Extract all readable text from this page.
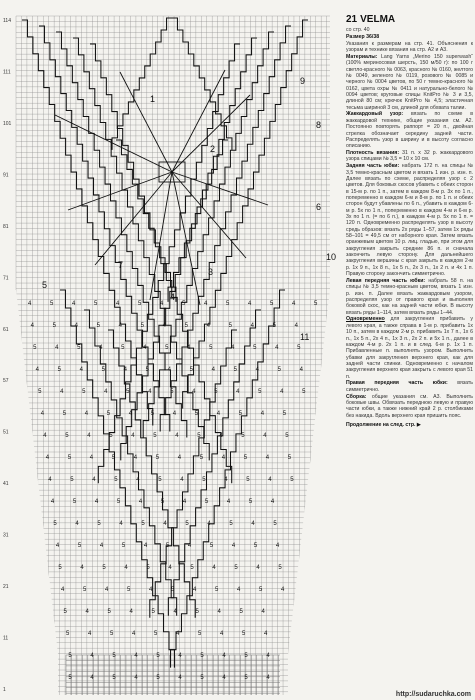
1
2
3
4
5
6
7
8
9
10
11
4	5	4	5	4	5	4	5	4	5	4	5	4	5
4	5	4	5	4	5	4	5	4	5	4	5	4
5	4	5	4	5	4	5	4	5	4	5	4	5
4	5	4	5	4	5	4	5	4	5	4	5	4
5	4	5	4	5	4	5	4	5	4	5	4	5
4	5	4	5	4	5	4	5	4	5	4	5
4	5	4	5	4	5	4	5	4	5	4	5
4	5	4	5	4	5	4	5	4	5	4	5
4	5	4	5	4	5	4	5	4	5	4	5
4	5	4	5	4	5	4	5	4	5	4
5	4	5	4	5	4	5	4	5	4	5
4	5	4	5	4	5	4	5	4	5	4
5	4	5	4	5	4	5	4	5	4	5
4	5	4	5	4	5	4	5	4	5	4
5	4	5	4	5	4	5	4	5	4
5	4	5	4	5	4	5	4	5	4
5	4	5	4	5	4	5	4	5	4
5	4	5	4	5	4	5	4	5	4
1
11
21
31
41
51
57
61
71
81
91
101
111
114	21 VELMA
со стр. 40
Размер 36/38
Указания к размерам на стр. 41. Объяснения к узорам и технике вязания на стр. А2 и А3.
Материалы: Lang Yarns „Merino 150 superwash“ (100% мериносовая шерсть, 150 м/50 г): по 100 г светло-красного № 0063, красного № 0160, желтого № 0049, зеленого № 0119, розового № 0085 и черного № 0004 цветов, по 50 г темно-красного № 0162, цвета охры № 0411 и натурально-белого № 0094 цветов; круговые спицы KnitPro № 3 и 3,5, длиной 80 см; крючок KnitPro № 4,5; эластичная тесьма шириной 3 см, длиной для обхвата талии.
Жаккардовый узор: вязать по схеме в жаккардовой технике, общие указания см. А2. Постоянно повторять раппорт = 20 п., двойная стрелка обозначает середину задней части. Распределять узор в ширину и в высоту согласно описанию.
Плотность вязания: 31 п. x 32 р. жаккардового узора спицами № 3,5 = 10 x 10 см.
Задняя часть юбки: набрать 172 п. на спицы № 3,5 темно-красным цветом и вязать 1 изн. р. изн. п. Далее вязать по схеме, распределяя узор с 2 цветов. Для боковых скосов убавить с обеих сторон в 15-м р. по 1 п., затем в каждом 8-м р. 3x по 1 п., попеременно в каждом 6-м и 8-м р. по 1 п. и обеих сторон будут убавлены по 6 п., убавить в каждом 6-м р. 5x по 1 п., попеременно в каждом 4-м и 6-м р. 3x по 1 п. (= по 6 п.), в каждом 4-м р. 5x по 1 п. = 120 п. Одновременно распределять узор в высоту средь образов: вязать 2x ряды 1–57, затем 1x ряды 58–101 = 49,5 см от наборного края. Затем вязать оранжевым цветом 10 р. лиц. гладью, при этом для закругления закрыть средние 86 п. и сначала закончить левую сторону. Для дальнейшего закругления вершины с края закрыть в каждом 2-м р. 1x 9 п., 1x 8 п., 1x 5 п., 2x 3 п., 1x 2 п. и 4x 1 п. Правую сторону закончить симметрично.
Левая передняя часть юбки: набрать 58 п. на спицы № 3,5 темно-красным цветом, вязать 1 изн. р. изн. п. Далее вязать жаккардовым узором, распределяя узор от правого края и выполняя боковой скос, как на задней части юбки. В высоту вязать ряды 1–114, затем вязать ряды 1–44.
Одновременно для закругления прибавить у левого края, а также справа в 1-м р. прибавить 1x 10 п., затем в каждом 2-м р. прибавить 1x 7 п., 1x 6 п., 1x 5 п., 2x 4 п., 1x 3 п., 2x 2 п. и 5x 1 п., далее в каждом 4-м р. 2x 1 п. и в след. 6-м р. 1x 1 п. Прибавленные п. выполнять узором. Выполнить убавки для закругления верхнего края, как для задней части спинки. Одновременно с началом закругления верхнего края закрыть с левого края 51 п.
Правая передняя часть юбки: вязать симметрично.
Сборка: общие указания см. А3. Выполнить боковые швы. Обвязать переднюю левую и правую части юбки, а также нижний край 2 р. столбиками без накида. Вдоль верхнего края пришить пояс.
Продолжение на след. стр. ▶
http://sudaruchka.com
